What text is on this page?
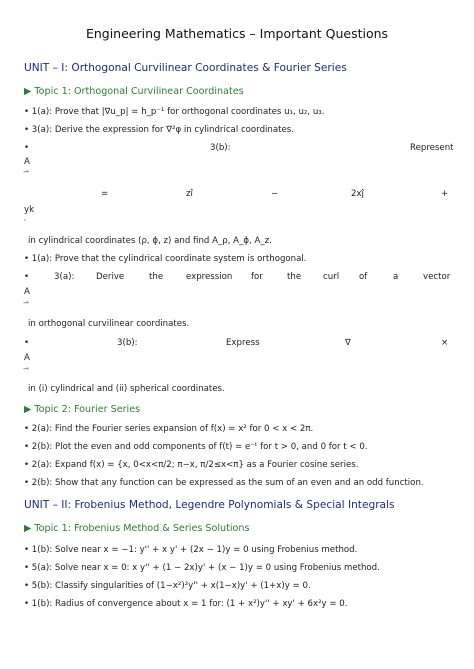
Engineering Mathematics – Important Questions
UNIT – I: Orthogonal Curvilinear Coordinates & Fourier Series
▶ Topic 1: Orthogonal Curvilinear Coordinates
• 1(a): Prove that |∇u_p| = h_p⁻¹ for orthogonal coordinates u₁, u₂, u₃.
• 3(a): Derive the expression for ∇²φ in cylindrical coordinates.
•	3(b):	Represent
A
⇀
=	zî	−	2xĵ	+
yk
ˆ
in cylindrical coordinates (ρ, ϕ, z) and find A_ρ, A_ϕ, A_z.
• 1(a): Prove that the cylindrical coordinate system is orthogonal.
•	3(a):	Derive	the	expression for	the	curl of	a	vector
A
⇀
in orthogonal curvilinear coordinates.
•	3(b):	Express	∇	×
A
⇀
in (i) cylindrical and (ii) spherical coordinates.
▶ Topic 2: Fourier Series
• 2(a): Find the Fourier series expansion of f(x) = x² for 0 < x < 2π.
• 2(b): Plot the even and odd components of f(t) = e⁻ᵗ for t > 0, and 0 for t < 0.
• 2(a): Expand f(x) = {x, 0<x<π/2; π−x, π/2≤x<π} as a Fourier cosine series.
• 2(b): Show that any function can be expressed as the sum of an even and an odd function.
UNIT – II: Frobenius Method, Legendre Polynomials & Special Integrals
▶ Topic 1: Frobenius Method & Series Solutions
• 1(b): Solve near x = −1: y'' + x y' + (2x − 1)y = 0 using Frobenius method.
• 5(a): Solve near x = 0: x y'' + (1 − 2x)y' + (x − 1)y = 0 using Frobenius method.
• 5(b): Classify singularities of (1−x²)²y'' + x(1−x)y' + (1+x)y = 0.
• 1(b): Radius of convergence about x = 1 for: (1 + x²)y'' + xy' + 6x²y = 0.
